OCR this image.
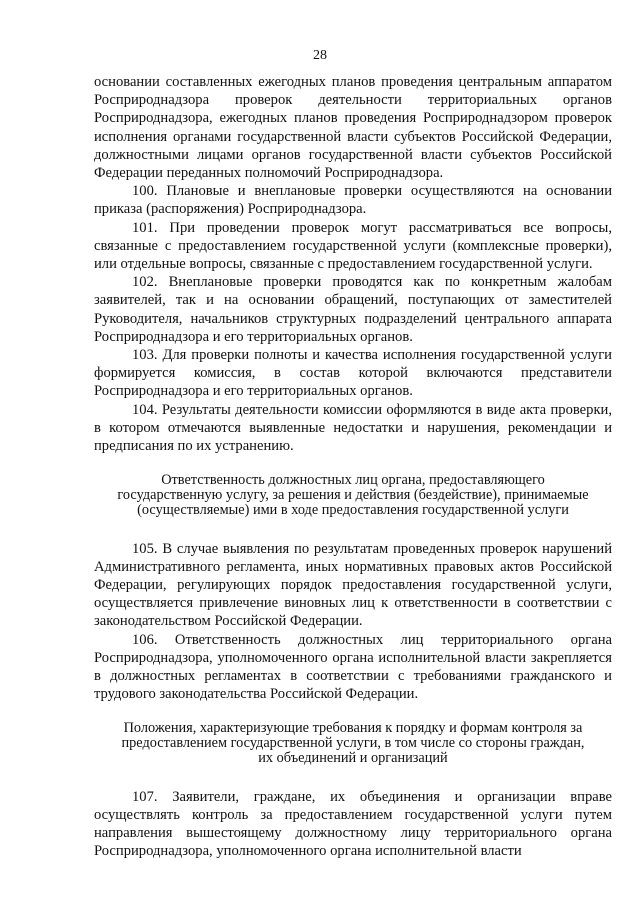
28

основании составленных ежегодных планов проведения центральным аппаратом Росприроднадзора проверок деятельности территориальных органов Росприроднадзора, ежегодных планов проведения Росприроднадзором проверок исполнения органами государственной власти субъектов Российской Федерации, должностными лицами органов государственной власти субъектов Российской Федерации переданных полномочий Росприроднадзора.

100. Плановые и внеплановые проверки осуществляются на основании приказа (распоряжения) Росприроднадзора.

101. При проведении проверок могут рассматриваться все вопросы, связанные с предоставлением государственной услуги (комплексные проверки), или отдельные вопросы, связанные с предоставлением государственной услуги.

102. Внеплановые проверки проводятся как по конкретным жалобам заявителей, так и на основании обращений, поступающих от заместителей Руководителя, начальников структурных подразделений центрального аппарата Росприроднадзора и его территориальных органов.

103. Для проверки полноты и качества исполнения государственной услуги формируется комиссия, в состав которой включаются представители Росприроднадзора и его территориальных органов.

104. Результаты деятельности комиссии оформляются в виде акта проверки, в котором отмечаются выявленные недостатки и нарушения, рекомендации и предписания по их устранению.

Ответственность должностных лиц органа, предоставляющего государственную услугу, за решения и действия (бездействие), принимаемые (осуществляемые) ими в ходе предоставления государственной услуги

105. В случае выявления по результатам проведенных проверок нарушений Административного регламента, иных нормативных правовых актов Российской Федерации, регулирующих порядок предоставления государственной услуги, осуществляется привлечение виновных лиц к ответственности в соответствии с законодательством Российской Федерации.

106. Ответственность должностных лиц территориального органа Росприроднадзора, уполномоченного органа исполнительной власти закрепляется в должностных регламентах в соответствии с требованиями гражданского и трудового законодательства Российской Федерации.

Положения, характеризующие требования к порядку и формам контроля за предоставлением государственной услуги, в том числе со стороны граждан, их объединений и организаций

107. Заявители, граждане, их объединения и организации вправе осуществлять контроль за предоставлением государственной услуги путем направления вышестоящему должностному лицу территориального органа Росприроднадзора, уполномоченного органа исполнительной власти
